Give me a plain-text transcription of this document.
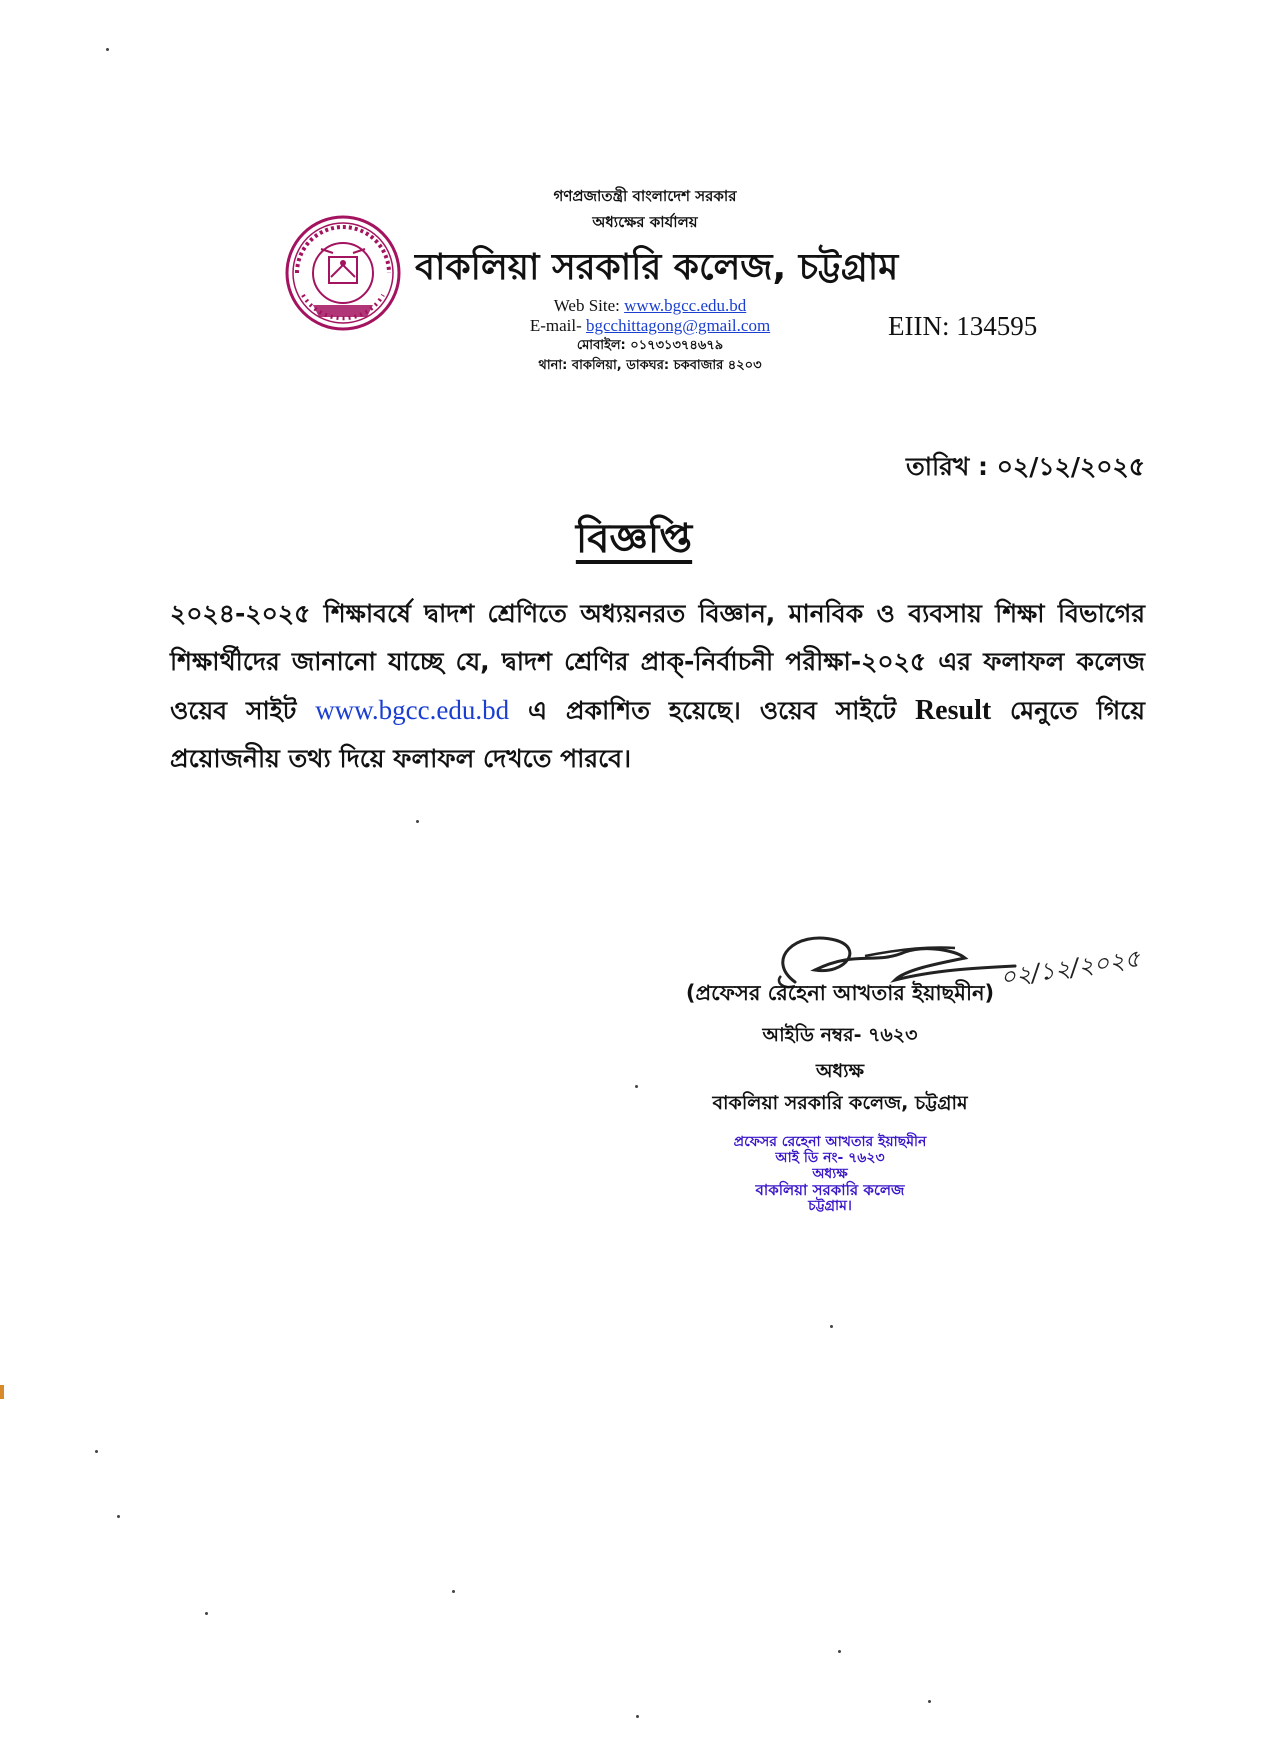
গণপ্রজাতন্ত্রী বাংলাদেশ সরকার
অধ্যক্ষের কার্যালয়
বাকলিয়া সরকারি কলেজ, চট্টগ্রাম
Web Site: www.bgcc.edu.bd
E-mail- bgcchittagong@gmail.com
মোবাইল: ০১৭৩১৩৭৪৬৭৯
থানা: বাকলিয়া, ডাকঘর: চকবাজার ৪২০৩
EIIN: 134595
তারিখ : ০২/১২/২০২৫
বিজ্ঞপ্তি
২০২৪-২০২৫ শিক্ষাবর্ষে দ্বাদশ শ্রেণিতে অধ্যয়নরত বিজ্ঞান, মানবিক ও ব্যবসায় শিক্ষা বিভাগের শিক্ষার্থীদের জানানো যাচ্ছে যে, দ্বাদশ শ্রেণির প্রাক্-নির্বাচনী পরীক্ষা-২০২৫ এর ফলাফল কলেজ ওয়েব সাইট www.bgcc.edu.bd এ প্রকাশিত হয়েছে। ওয়েব সাইটে Result মেনুতে গিয়ে প্রয়োজনীয় তথ্য দিয়ে ফলাফল দেখতে পারবে।
০২/১২/২০২৫
(প্রফেসর রেহেনা আখতার ইয়াছমীন)
আইডি নম্বর- ৭৬২৩
অধ্যক্ষ
বাকলিয়া সরকারি কলেজ, চট্টগ্রাম
প্রফেসর রেহেনা আখতার ইয়াছমীন
আই ডি নং- ৭৬২৩
অধ্যক্ষ
বাকলিয়া সরকারি কলেজ
চট্টগ্রাম।
